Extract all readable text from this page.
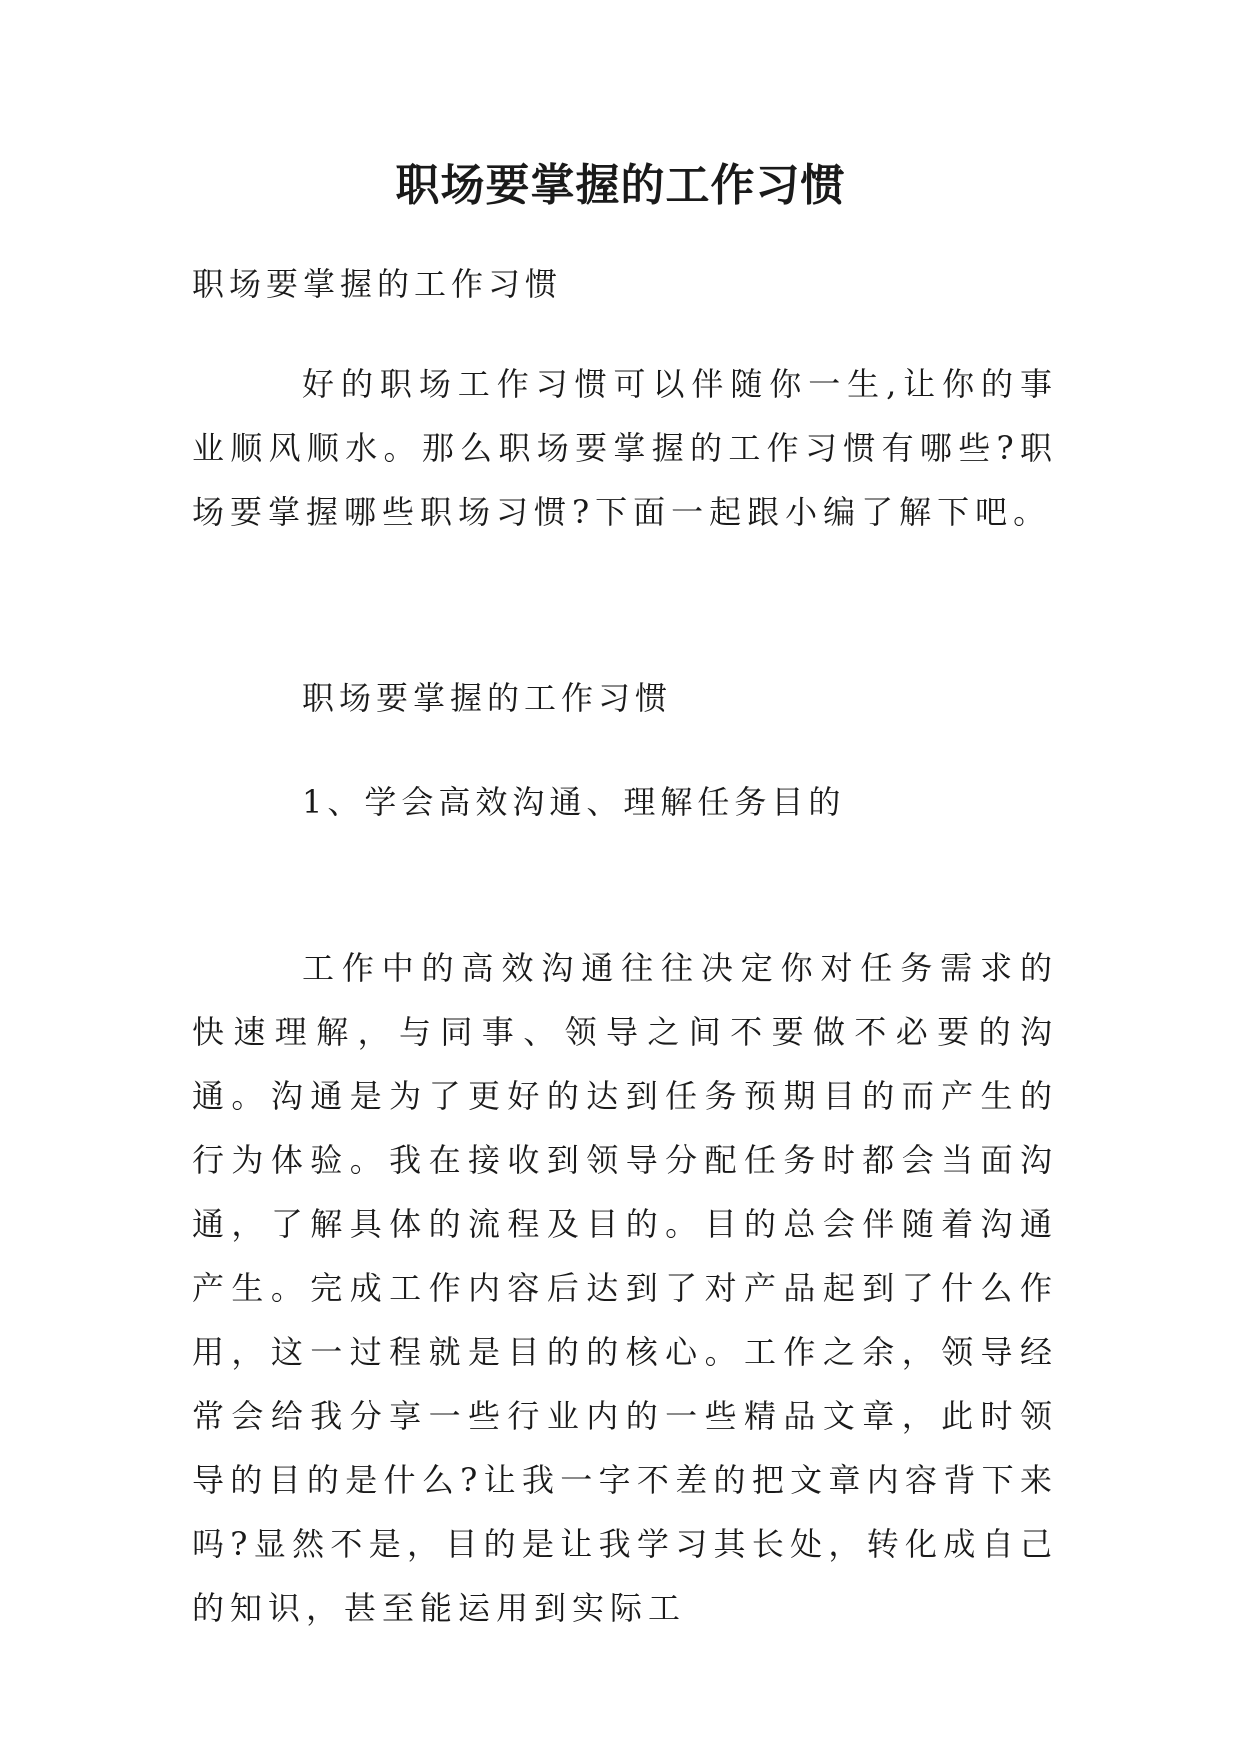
职场要掌握的工作习惯

职场要掌握的工作习惯

好的职场工作习惯可以伴随你一生,让你的事业顺风顺水。那么职场要掌握的工作习惯有哪些?职场要掌握哪些职场习惯?下面一起跟小编了解下吧。

职场要掌握的工作习惯

1、学会高效沟通、理解任务目的

工作中的高效沟通往往决定你对任务需求的快速理解，与同事、领导之间不要做不必要的沟通。沟通是为了更好的达到任务预期目的而产生的行为体验。我在接收到领导分配任务时都会当面沟通，了解具体的流程及目的。目的总会伴随着沟通产生。完成工作内容后达到了对产品起到了什么作用，这一过程就是目的的核心。工作之余，领导经常会给我分享一些行业内的一些精品文章，此时领导的目的是什么?让我一字不差的把文章内容背下来吗?显然不是，目的是让我学习其长处，转化成自己的知识，甚至能运用到实际工
